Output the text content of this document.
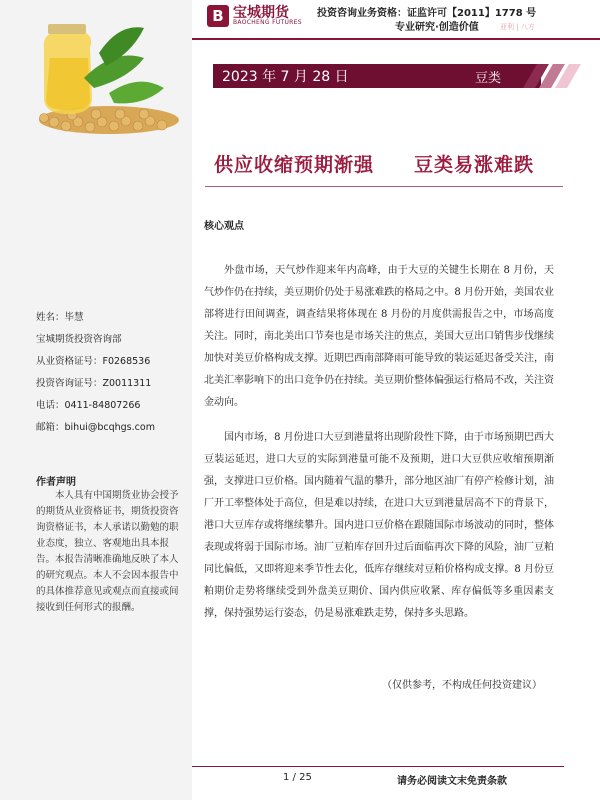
B 宝城期货
BAOCHENG FUTURES
投资咨询业务资格：证监许可【2011】1778 号
专业研究·创造价值	亚利 | 八方
2023 年 7 月 28 日	豆类
供应收缩预期渐强　　豆类易涨难跌
核心观点

外盘市场，天气炒作迎来年内高峰，由于大豆的关键生长期在 8 月份，天气炒作仍在持续，美豆期价仍处于易涨难跌的格局之中。8 月份开始，美国农业部将进行田间调查，调查结果将体现在 8 月份的月度供需报告之中，市场高度关注。同时，南北美出口节奏也是市场关注的焦点，美国大豆出口销售步伐继续加快对美豆价格构成支撑。近期巴西南部降雨可能导致的装运延迟备受关注，南北美汇率影响下的出口竞争仍在持续。美豆期价整体偏强运行格局不改，关注资金动向。

国内市场，8 月份进口大豆到港量将出现阶段性下降，由于市场预期巴西大豆装运延迟，进口大豆的实际到港量可能不及预期，进口大豆供应收缩预期渐强，支撑进口豆价格。国内随着气温的攀升，部分地区油厂有停产检修计划，油厂开工率整体处于高位，但是难以持续，在进口大豆到港量居高不下的背景下，港口大豆库存或将继续攀升。国内进口豆价格在跟随国际市场波动的同时，整体表现或将弱于国际市场。油厂豆粕库存回升过后面临再次下降的风险，油厂豆粕同比偏低，又即将迎来季节性去化，低库存继续对豆粕价格构成支撑。8 月份豆粕期价走势将继续受到外盘美豆期价、国内供应收紧、库存偏低等多重因素支撑，保持强势运行姿态，仍是易涨难跌走势，保持多头思路。

（仅供参考，不构成任何投资建议）
姓名：毕慧
宝城期货投资咨询部
从业资格证号：F0268536
投资咨询证号：Z0011311
电话：0411-84807266
邮箱：bihui@bcqhgs.com
作者声明

本人具有中国期货业协会授予的期货从业资格证书，期货投资咨询资格证书，本人承诺以勤勉的职业态度，独立、客观地出具本报告。本报告清晰准确地反映了本人的研究观点。本人不会因本报告中的具体推荐意见或观点而直接或间接收到任何形式的报酬。

1 / 25	请务必阅读文末免责条款
